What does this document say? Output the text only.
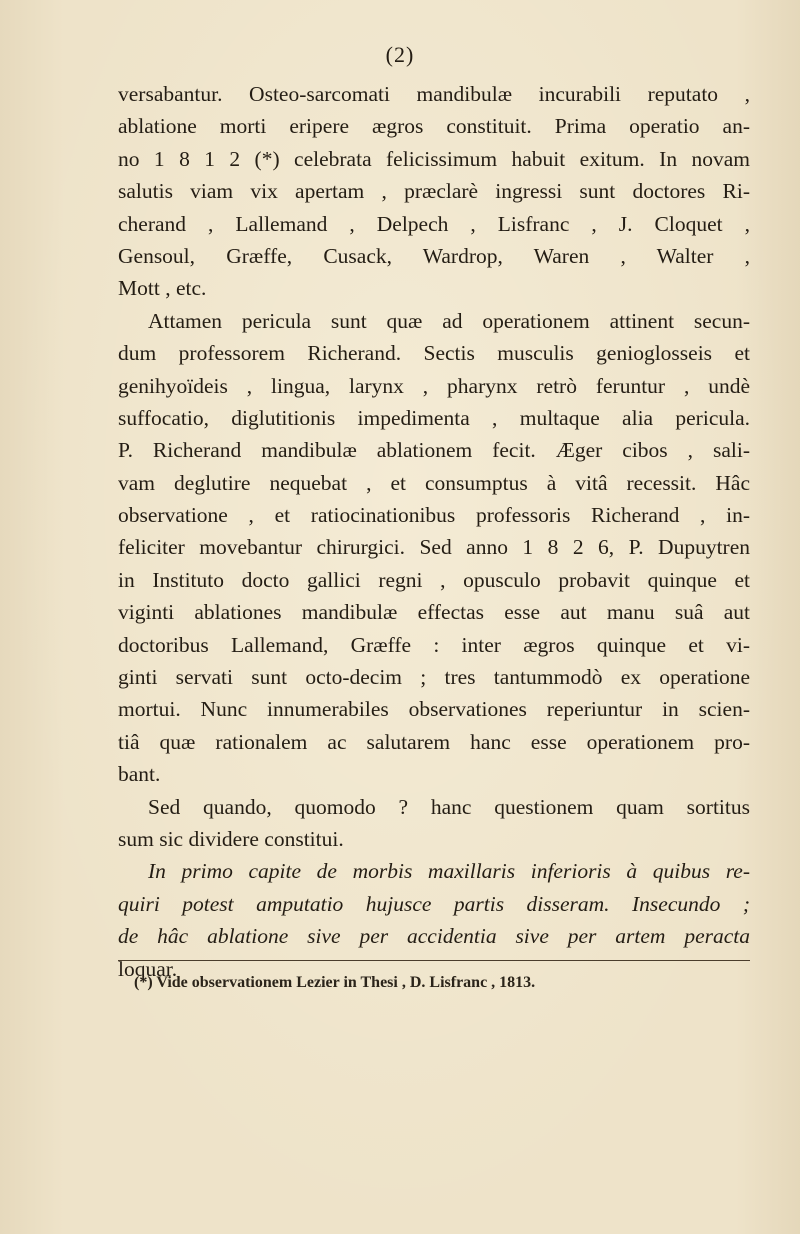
(2)
versabantur. Osteo-sarcomati mandibulæ incurabili reputato ,
ablatione morti eripere ægros constituit. Prima operatio an-
no 1 8 1 2 (*) celebrata felicissimum habuit exitum. In novam
salutis viam vix apertam , præclarè ingressi sunt doctores Ri-
cherand , Lallemand , Delpech , Lisfranc , J. Cloquet ,
Gensoul, Græffe, Cusack, Wardrop, Waren , Walter ,
Mott , etc.
Attamen pericula sunt quæ ad operationem attinent secun-
dum professorem Richerand. Sectis musculis genioglosseis et
genihyoïdeis , lingua, larynx , pharynx retrò feruntur , undè
suffocatio, diglutitionis impedimenta , multaque alia pericula.
P. Richerand mandibulæ ablationem fecit. Æger cibos , sali-
vam deglutire nequebat , et consumptus à vitâ recessit. Hâc
observatione , et ratiocinationibus professoris Richerand , in-
feliciter movebantur chirurgici. Sed anno 1 8 2 6, P. Dupuytren
in Instituto docto gallici regni , opusculo probavit quinque et
viginti ablationes mandibulæ effectas esse aut manu suâ aut
doctoribus Lallemand, Græffe : inter ægros quinque et vi-
ginti servati sunt octo-decim ; tres tantummodò ex operatione
mortui. Nunc innumerabiles observationes reperiuntur in scien-
tiâ quæ rationalem ac salutarem hanc esse operationem pro-
bant.
Sed quando, quomodo ? hanc questionem quam sortitus
sum sic dividere constitui.
In primo capite de morbis maxillaris inferioris à quibus re-
quiri potest amputatio hujusce partis disseram. Insecundo ;
de hâc ablatione sive per accidentia sive per artem peracta
loquar.
(*) Vide observationem Lezier in Thesi , D. Lisfranc , 1813.
